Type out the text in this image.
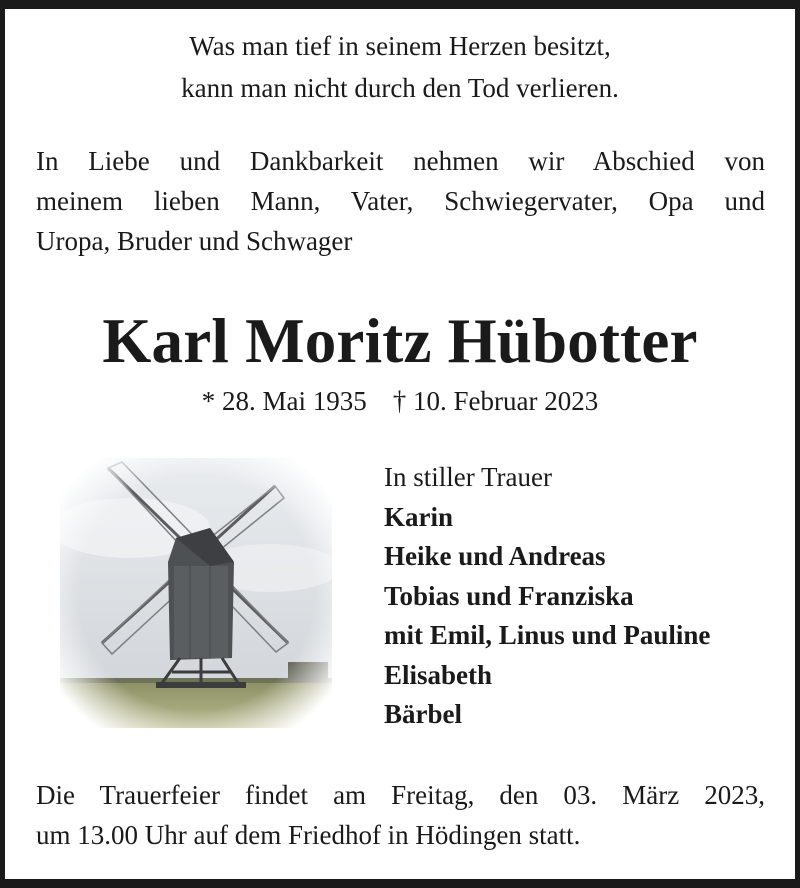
Was man tief in seinem Herzen besitzt,
kann man nicht durch den Tod verlieren.
In Liebe und Dankbarkeit nehmen wir Abschied von
meinem lieben Mann, Vater, Schwiegervater, Opa und
Uropa, Bruder und Schwager
Karl Moritz Hübotter
* 28. Mai 1935 † 10. Februar 2023
In stiller Trauer
Karin
Heike und Andreas
Tobias und Franziska
mit Emil, Linus und Pauline
Elisabeth
Bärbel
Die Trauerfeier findet am Freitag, den 03. März 2023,
um 13.00 Uhr auf dem Friedhof in Hödingen statt.
